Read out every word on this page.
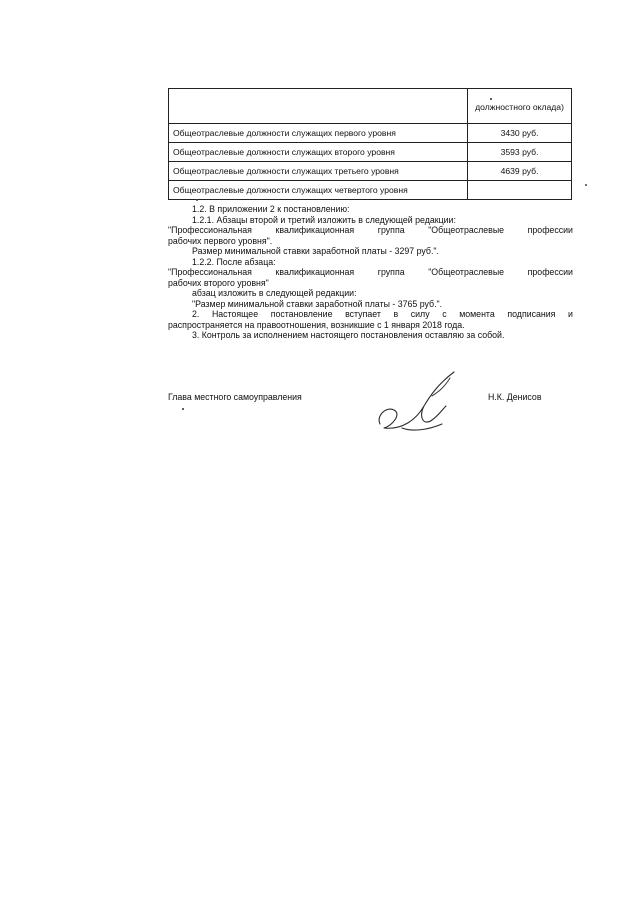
	должностного оклада)
Общеотраслевые должности служащих первого уровня	3430 руб.
Общеотраслевые должности служащих второго уровня	3593 руб.
Общеотраслевые должности служащих третьего уровня	4639 руб.
Общеотраслевые должности служащих четвертого уровня	
1.2. В приложении 2 к постановлению:
1.2.1. Абзацы второй и третий изложить в следующей редакции:
"Профессиональная	квалификационная	группа	"Общеотраслевые	профессии
рабочих первого уровня".
Размер минимальной ставки заработной платы - 3297 руб.".
1.2.2. После абзаца:
"Профессиональная	квалификационная	группа	"Общеотраслевые	профессии
рабочих второго уровня"
абзац изложить в следующей редакции:
"Размер минимальной ставки заработной платы - 3765 руб.".
2. Настоящее постановление вступает в силу с момента подписания и
распространяется на правоотношения, возникшие с 1 января 2018 года.
3. Контроль за исполнением настоящего постановления оставляю за собой.
Глава местного самоуправления	Н.К. Денисов
